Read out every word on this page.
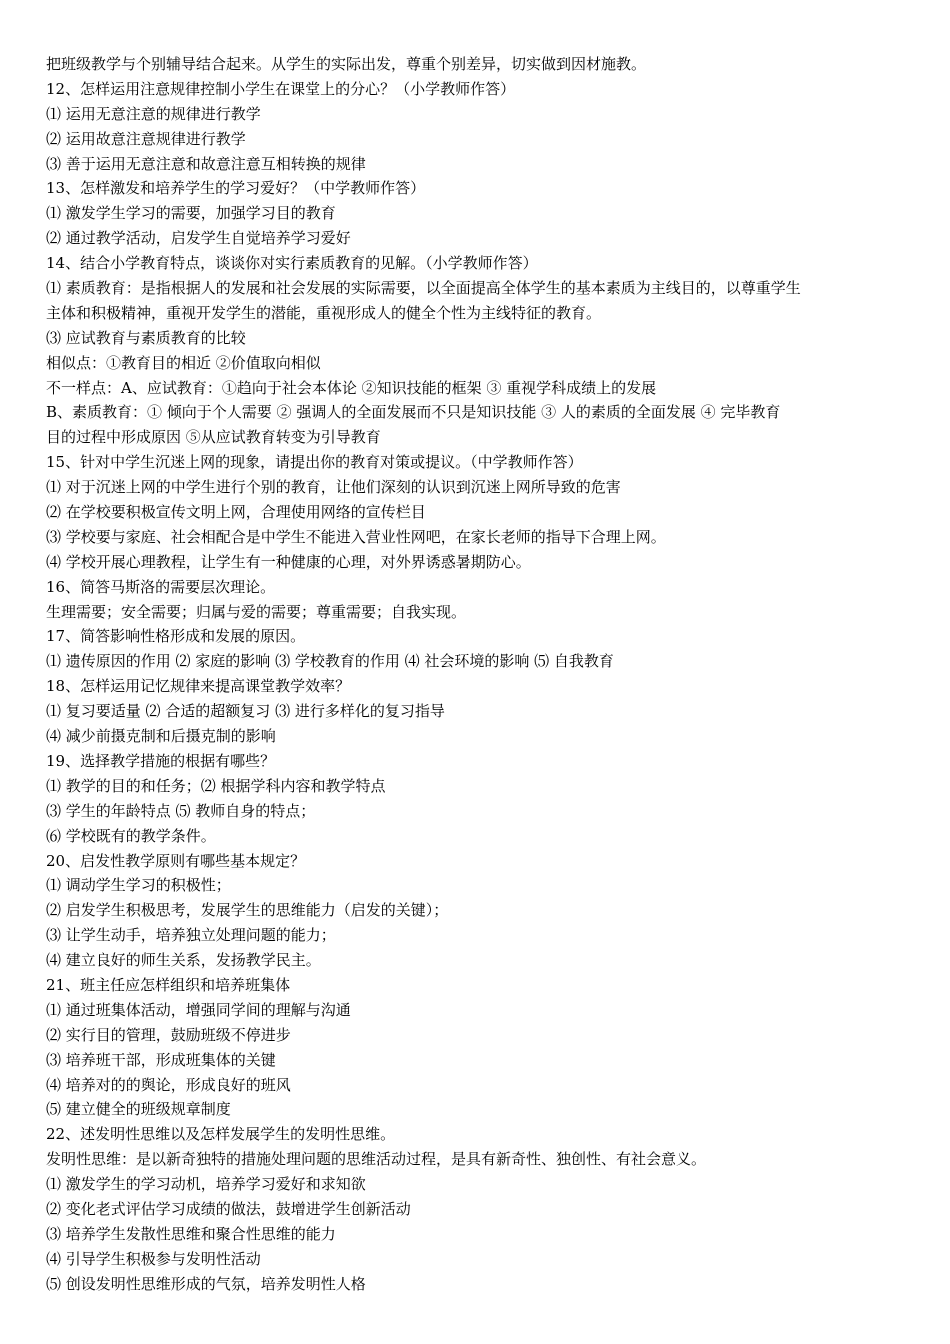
把班级教学与个别辅导结合起来。从学生的实际出发，尊重个别差异，切实做到因材施教。
12、怎样运用注意规律控制小学生在课堂上的分心？（小学教师作答）
⑴ 运用无意注意的规律进行教学
⑵ 运用故意注意规律进行教学
⑶ 善于运用无意注意和故意注意互相转换的规律
13、怎样激发和培养学生的学习爱好？（中学教师作答）
⑴ 激发学生学习的需要，加强学习目的教育
⑵ 通过教学活动，启发学生自觉培养学习爱好
14、结合小学教育特点，谈谈你对实行素质教育的见解。（小学教师作答）
⑴ 素质教育：是指根据人的发展和社会发展的实际需要，以全面提高全体学生的基本素质为主线目的，以尊重学生
主体和积极精神，重视开发学生的潜能，重视形成人的健全个性为主线特征的教育。
⑶ 应试教育与素质教育的比较
相似点：①教育目的相近 ②价值取向相似
不一样点：A、应试教育：①趋向于社会本体论 ②知识技能的框架 ③ 重视学科成绩上的发展
B、素质教育：① 倾向于个人需要 ② 强调人的全面发展而不只是知识技能 ③ 人的素质的全面发展 ④ 完毕教育
目的过程中形成原因 ⑤从应试教育转变为引导教育
15、针对中学生沉迷上网的现象，请提出你的教育对策或提议。（中学教师作答）
⑴ 对于沉迷上网的中学生进行个别的教育，让他们深刻的认识到沉迷上网所导致的危害
⑵ 在学校要积极宣传文明上网，合理使用网络的宣传栏目
⑶ 学校要与家庭、社会相配合是中学生不能进入营业性网吧，在家长老师的指导下合理上网。
⑷ 学校开展心理教程，让学生有一种健康的心理，对外界诱惑暑期防心。
16、简答马斯洛的需要层次理论。
生理需要；安全需要；归属与爱的需要；尊重需要；自我实现。
17、简答影响性格形成和发展的原因。
⑴ 遗传原因的作用 ⑵ 家庭的影响 ⑶ 学校教育的作用 ⑷ 社会环境的影响 ⑸ 自我教育
18、怎样运用记忆规律来提高课堂教学效率？
⑴ 复习要适量 ⑵ 合适的超额复习 ⑶ 进行多样化的复习指导
⑷ 减少前摄克制和后摄克制的影响
19、选择教学措施的根据有哪些？
⑴ 教学的目的和任务；⑵ 根据学科内容和教学特点
⑶ 学生的年龄特点 ⑸ 教师自身的特点；
⑹ 学校既有的教学条件。
20、启发性教学原则有哪些基本规定？
⑴ 调动学生学习的积极性；
⑵ 启发学生积极思考，发展学生的思维能力（启发的关键）；
⑶ 让学生动手，培养独立处理问题的能力；
⑷ 建立良好的师生关系，发扬教学民主。
21、班主任应怎样组织和培养班集体
⑴ 通过班集体活动，增强同学间的理解与沟通
⑵ 实行目的管理，鼓励班级不停进步
⑶ 培养班干部，形成班集体的关键
⑷ 培养对的的舆论，形成良好的班风
⑸ 建立健全的班级规章制度
22、述发明性思维以及怎样发展学生的发明性思维。
发明性思维：是以新奇独特的措施处理问题的思维活动过程，是具有新奇性、独创性、有社会意义。
⑴ 激发学生的学习动机，培养学习爱好和求知欲
⑵ 变化老式评估学习成绩的做法，鼓增进学生创新活动
⑶ 培养学生发散性思维和聚合性思维的能力
⑷ 引导学生积极参与发明性活动
⑸ 创设发明性思维形成的气氛，培养发明性人格
